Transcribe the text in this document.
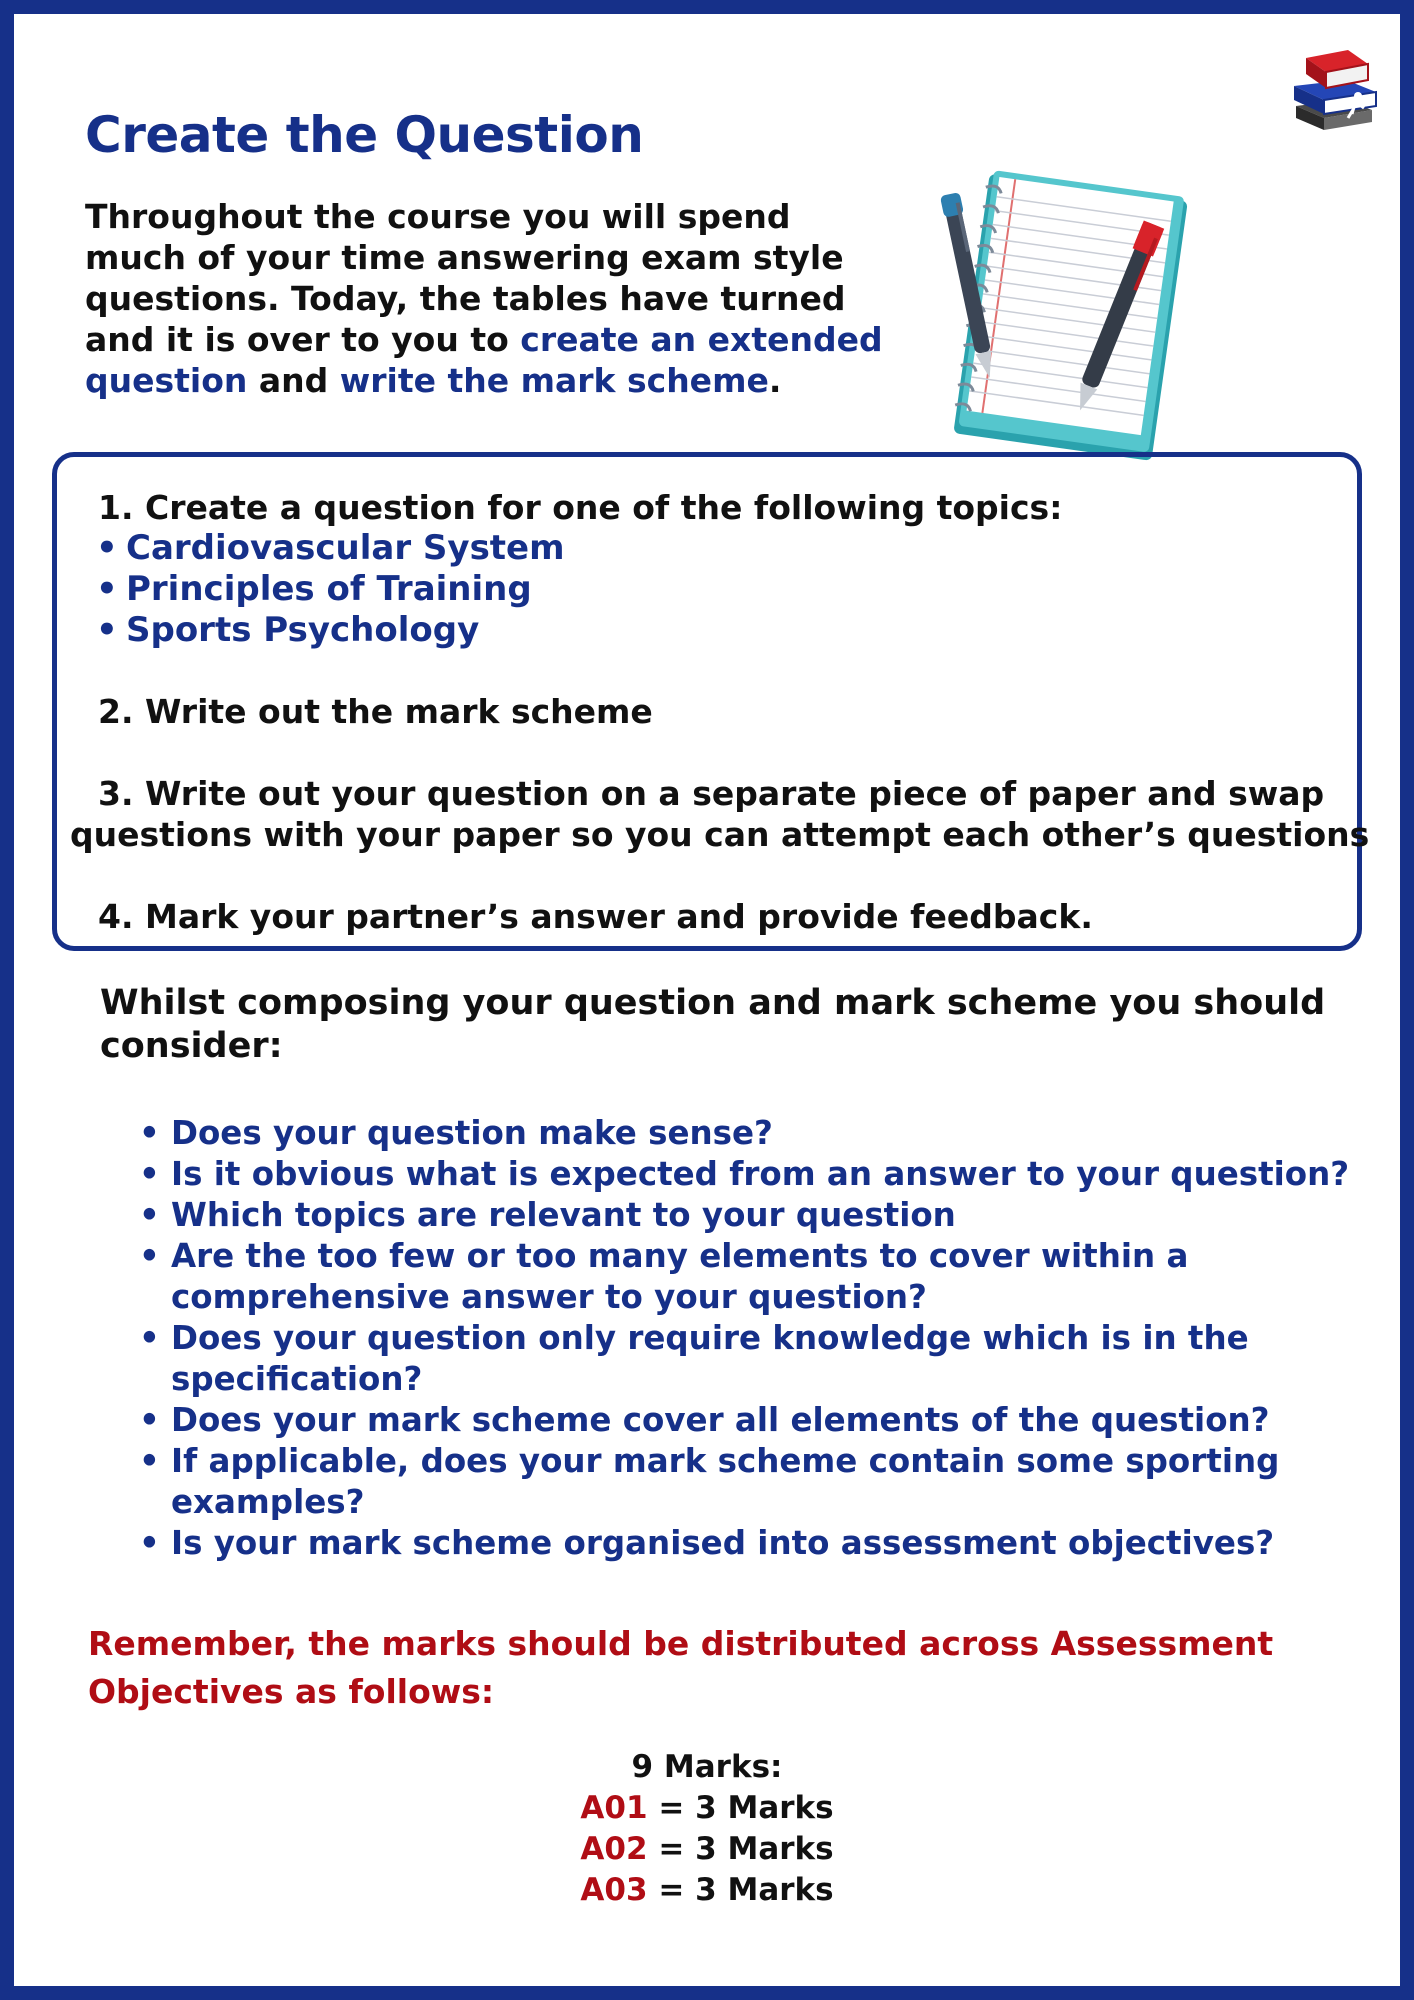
Create the Question

Throughout the course you will spend much of your time answering exam style questions. Today, the tables have turned and it is over to you to create an extended question and write the mark scheme.

1. Create a question for one of the following topics:

• Cardiovascular System
• Principles of Training
• Sports Psychology

2. Write out the mark scheme

3. Write out your question on a separate piece of paper and swap

questions with your paper so you can attempt each other’s questions

4. Mark your partner’s answer and provide feedback.

Whilst composing your question and mark scheme you should consider:

• Does your question make sense?
• Is it obvious what is expected from an answer to your question?
• Which topics are relevant to your question
• Are the too few or too many elements to cover within a comprehensive answer to your question?
• Does your question only require knowledge which is in the specification?
• Does your mark scheme cover all elements of the question?
• If applicable, does your mark scheme contain some sporting examples?
• Is your mark scheme organised into assessment objectives?

Remember, the marks should be distributed across Assessment Objectives as follows:

9 Marks:
A01 = 3 Marks
A02 = 3 Marks
A03 = 3 Marks
